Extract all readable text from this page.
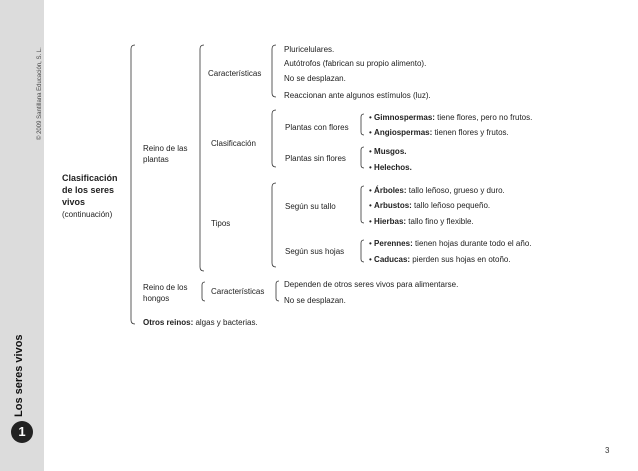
© 2009 Santillana Educación, S. L.
Los seres vivos
1
Clasificación de los seres vivos
(continuación)
Reino de las plantas
Características
Pluricelulares.
Autótrofos (fabrican su propio alimento).
No se desplazan.
Reaccionan ante algunos estímulos (luz).
Clasificación
Plantas con flores
• Gimnospermas: tiene flores, pero no frutos.
• Angiospermas: tienen flores y frutos.
Plantas sin flores
• Musgos.
• Helechos.
Tipos
Según su tallo
• Árboles: tallo leñoso, grueso y duro.
• Arbustos: tallo leñoso pequeño.
• Hierbas: tallo fino y flexible.
Según sus hojas
• Perennes: tienen hojas durante todo el año.
• Caducas: pierden sus hojas en otoño.
Reino de los hongos
Características
Dependen de otros seres vivos para alimentarse.
No se desplazan.
Otros reinos: algas y bacterias.
3
